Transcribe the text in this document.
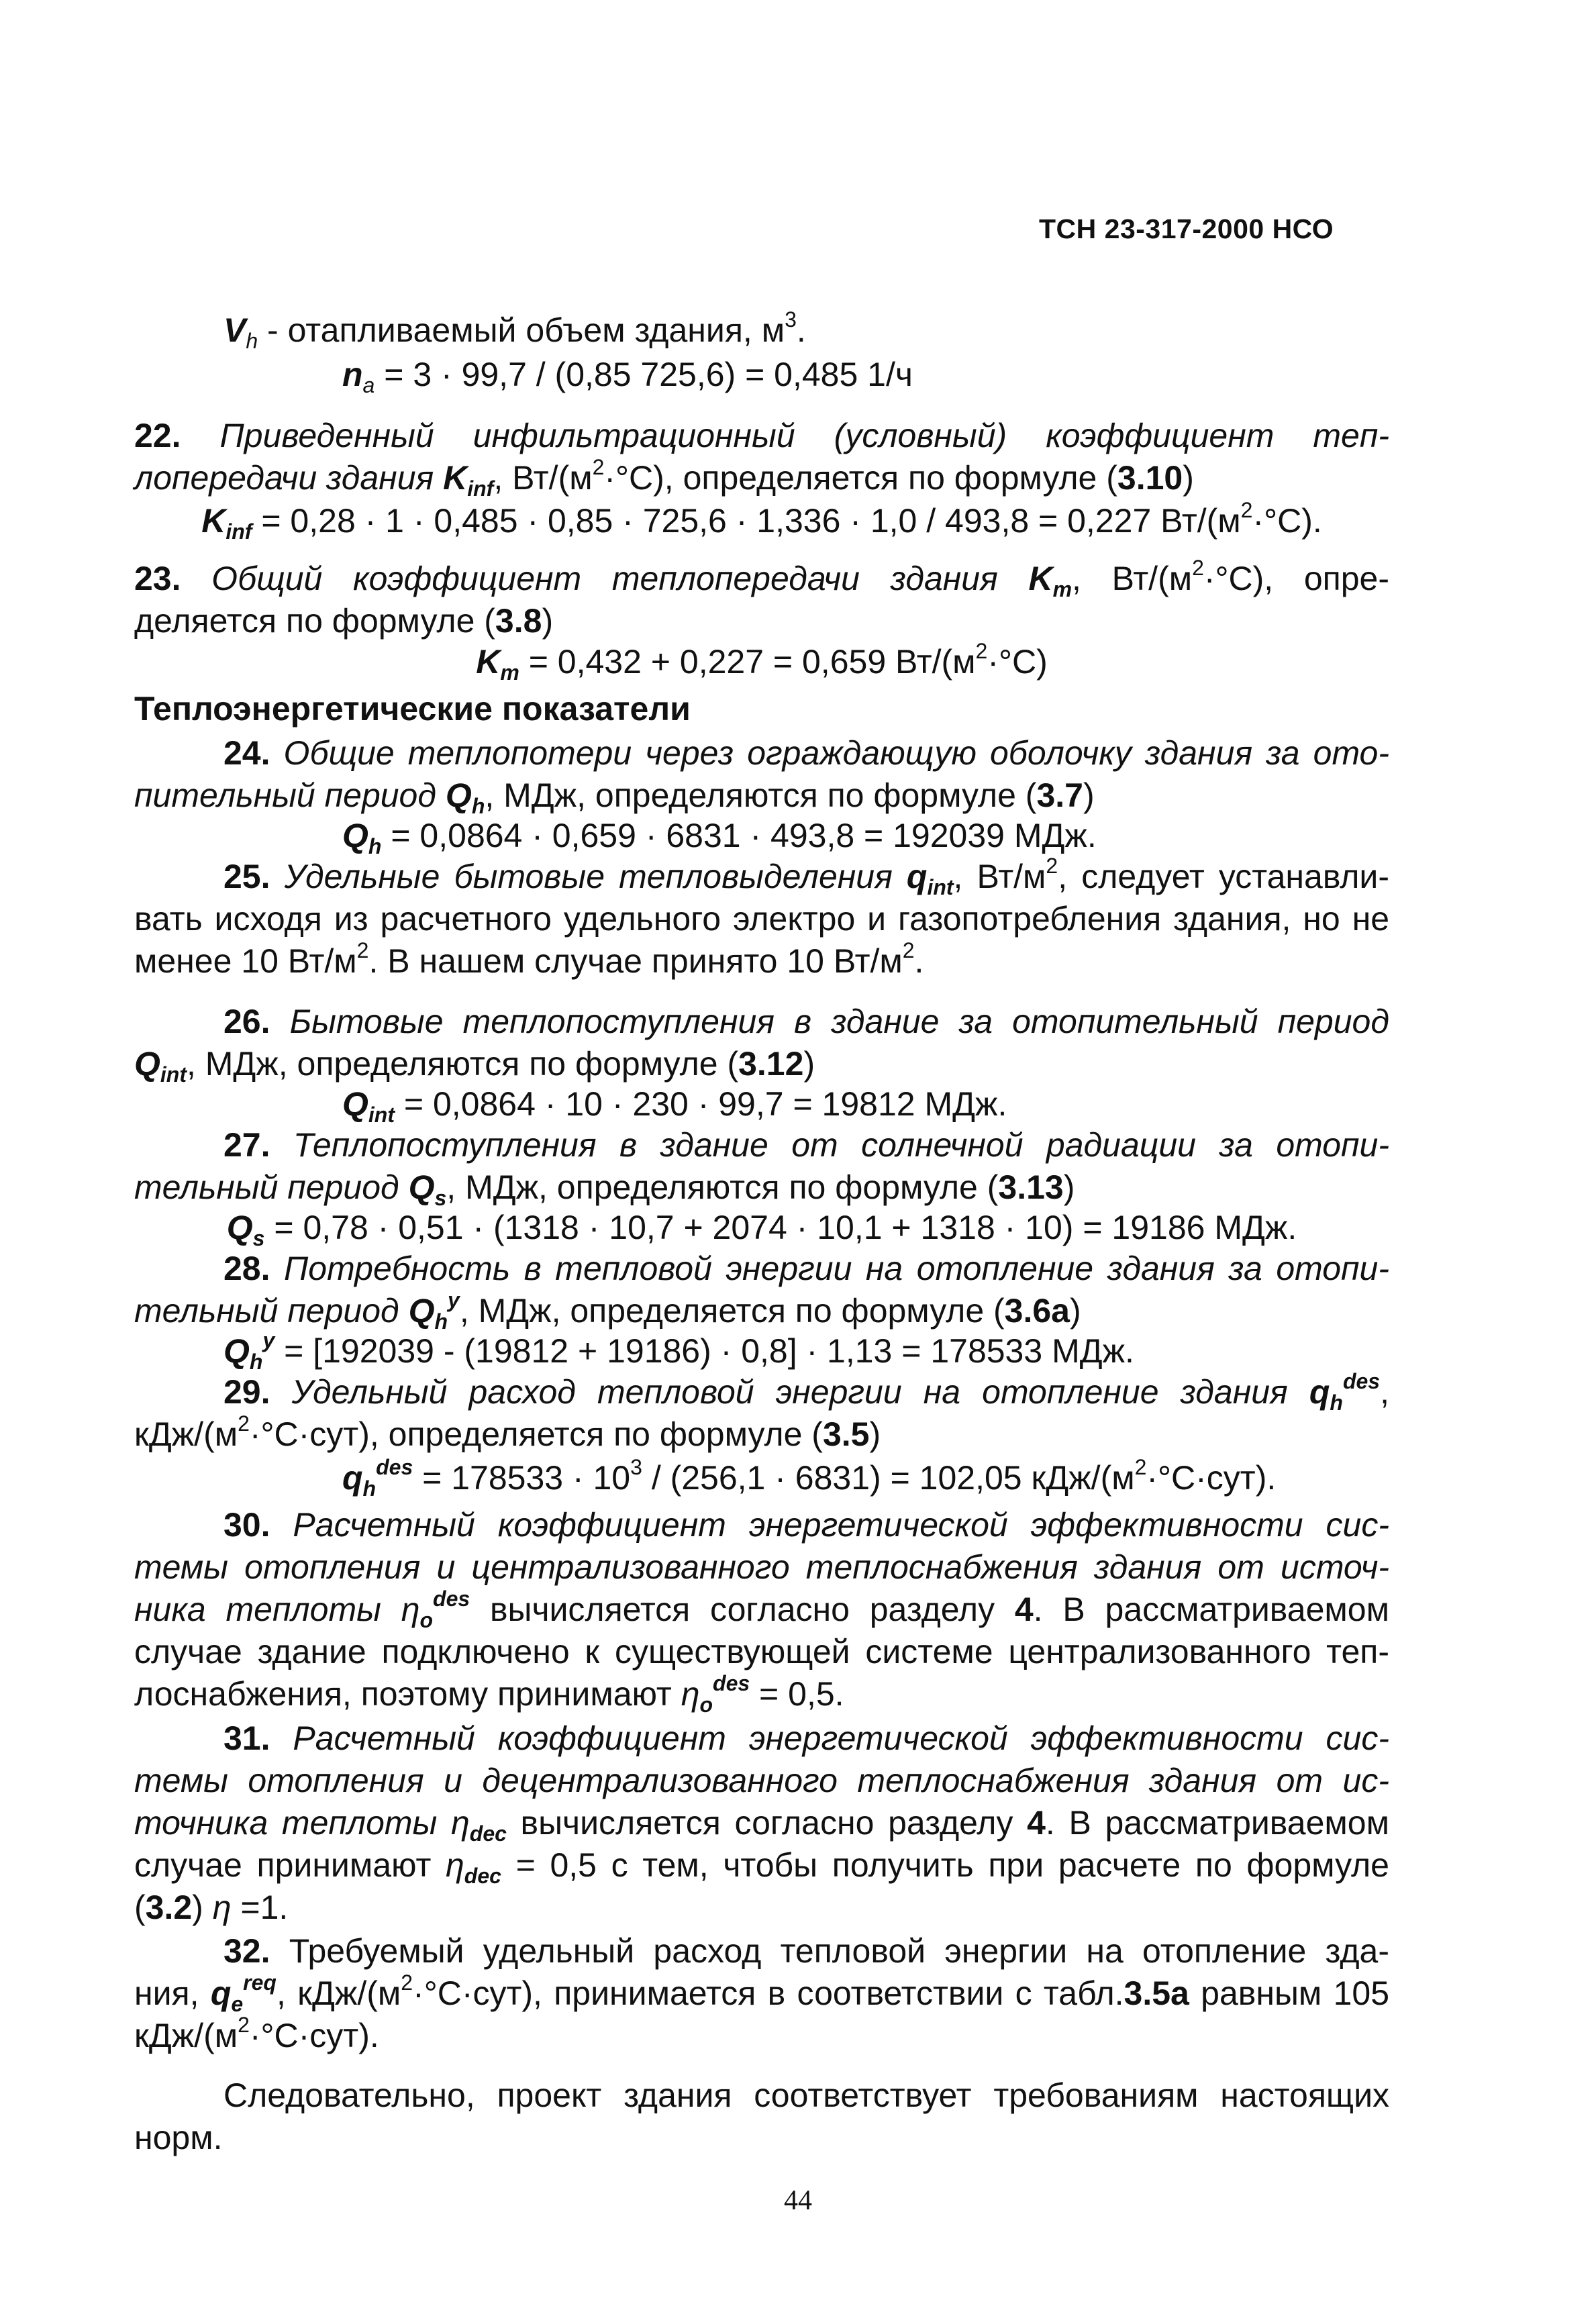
ТСН 23-317-2000 НСО
$V_h$ - отапливаемый объем здания, $м^3$.
$n_a = 3 \cdot 99,7 / (0,85$ 725,6) = 0,485 1/ч
22. Приведенный инфильтрационный (условный) коэффициент теп-
лопередачи здания $K_{inf}$, $Вт/(м^2\cdot^\circ С)$, определяется по формуле (3.10)
$K_{inf} = 0,28 \cdot 1 \cdot 0,485 \cdot 0,85 \cdot 725,6 \cdot 1,336 \cdot 1,0 / 493,8 = 0,227$ $Вт/(м^2\cdot^\circ С)$.
23. Общий коэффициент теплопередачи здания $K_m$, $Вт/(м^2\cdot^\circ С)$, опре-
деляется по формуле (3.8)
$K_m = 0,432 + 0,227 = 0,659$ $Вт/(м^2\cdot^\circ С)$
Теплоэнергетические показатели
24. Общие теплопотери через ограждающую оболочку здания за ото-
пительный период $Q_h$, МДж, определяются по формуле (3.7)
$Q_h = 0,0864 \cdot 0,659 \cdot 6831 \cdot 493,8 = 192039$ МДж.
25. Удельные бытовые тепловыделения $q_{int}$, $Вт/м^2$, следует устанавли-
вать исходя из расчетного удельного электро и газопотребления здания, но не
менее 10 $Вт/м^2$. В нашем случае принято 10 $Вт/м^2$.
26. Бытовые теплопоступления в здание за отопительный период
$Q_{int}$, МДж, определяются по формуле (3.12)
$Q_{int} = 0,0864 \cdot 10 \cdot 230 \cdot 99,7 = 19812$ МДж.
27. Теплопоступления в здание от солнечной радиации за отопи-
тельный период $Q_s$, МДж, определяются по формуле (3.13)
$Q_s = 0,78 \cdot 0,51 \cdot (1318 \cdot 10,7 + 2074 \cdot 10,1 + 1318 \cdot 10) = 19186$ МДж.
28. Потребность в тепловой энергии на отопление здания за отопи-
тельный период $Q_h^y$, МДж, определяется по формуле (3.6а)
$Q_h^y = [192039 - (19812 + 19186) \cdot 0,8] \cdot 1,13 = 178533$ МДж.
29. Удельный расход тепловой энергии на отопление здания $q_h^{des}$,
кДж/$(м^2\cdot^\circ С\cdot сут)$, определяется по формуле (3.5)
$q_h^{des} = 178533 \cdot 10^3 / (256,1 \cdot 6831) = 102,05$ кДж/$(м^2\cdot^\circ С\cdot сут)$.
30. Расчетный коэффициент энергетической эффективности сис-
темы отопления и централизованного теплоснабжения здания от источ-
ника теплоты $\eta_o^{des}$ вычисляется согласно разделу 4. В рассматриваемом
случае здание подключено к существующей системе централизованного теп-
лоснабжения, поэтому принимают $\eta_o^{des} = 0,5$.
31. Расчетный коэффициент энергетической эффективности сис-
темы отопления и децентрализованного теплоснабжения здания от ис-
точника теплоты $\eta_{dec}$ вычисляется согласно разделу 4. В рассматриваемом
случае принимают $\eta_{dec} = 0,5$ с тем, чтобы получить при расчете по формуле
(3.2) η =1.
32. Требуемый удельный расход тепловой энергии на отопление зда-
ния, $q_e^{req}$, кДж/$(м^2\cdot^\circ С\cdot сут)$, принимается в соответствии с табл.3.5а равным 105
кДж/$(м^2\cdot^\circ С\cdot сут)$.
Следовательно, проект здания соответствует требованиям настоящих
норм.
44
